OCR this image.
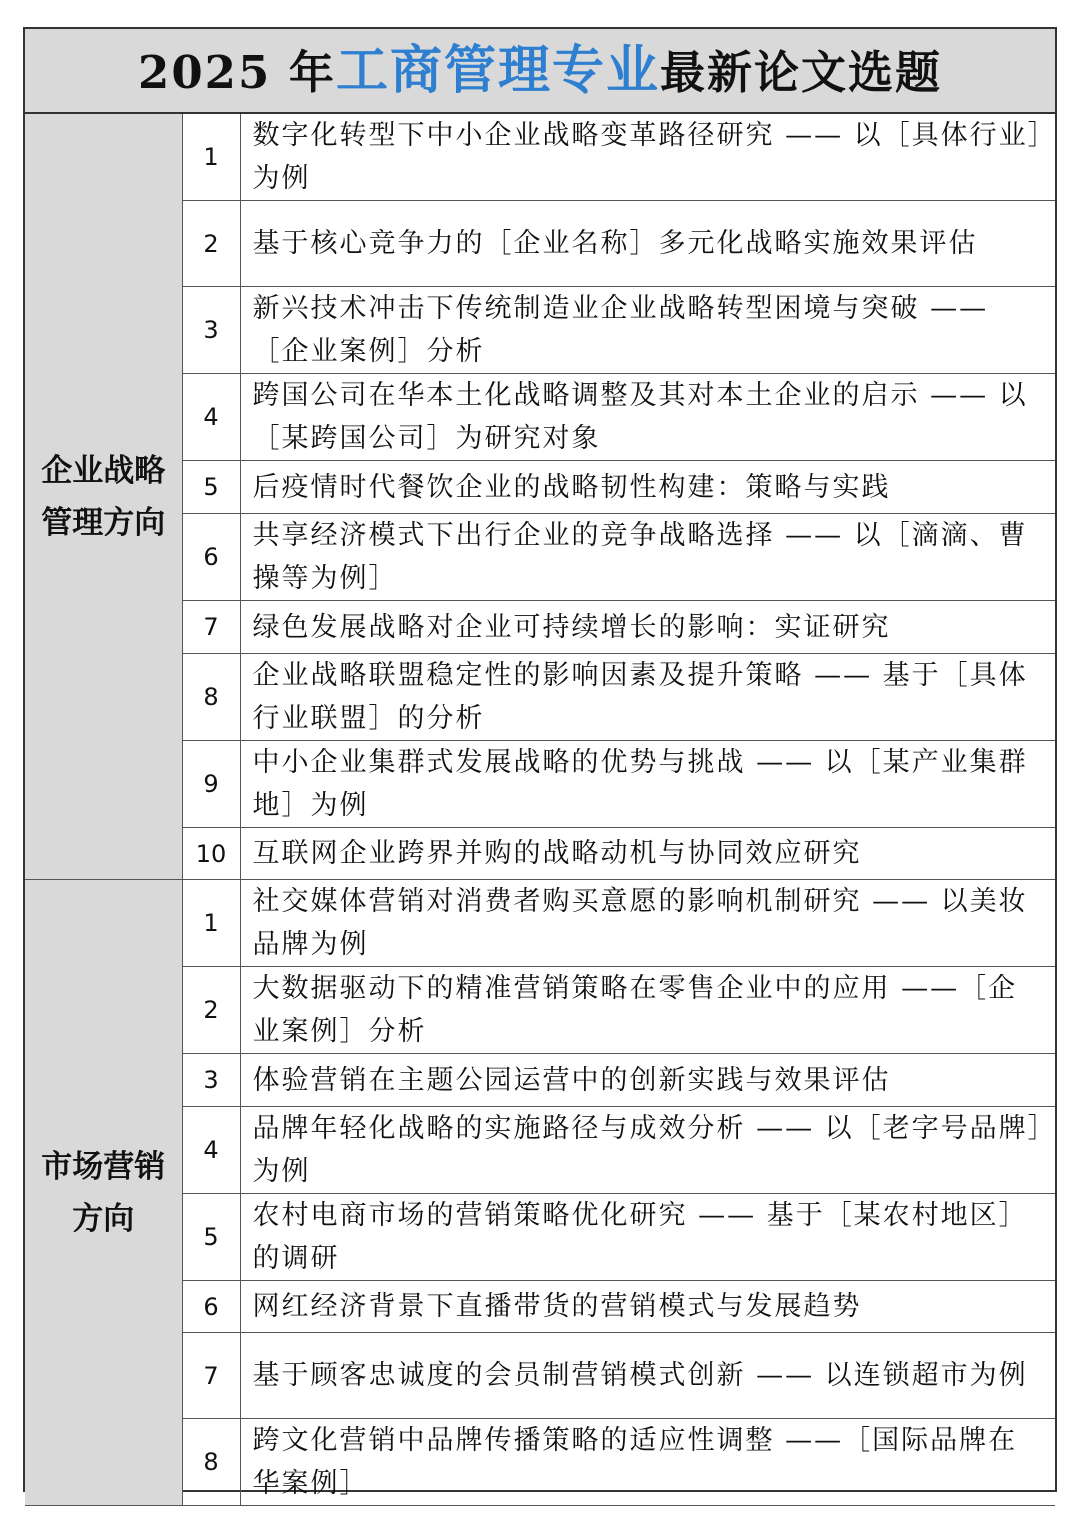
2025 年工商管理专业最新论文选题
企业战略管理方向	1	数字化转型下中小企业战略变革路径研究 —— 以［具体行业］为例
	2	基于核心竞争力的［企业名称］多元化战略实施效果评估
	3	新兴技术冲击下传统制造业企业战略转型困境与突破 ——［企业案例］分析
	4	跨国公司在华本土化战略调整及其对本土企业的启示 —— 以［某跨国公司］为研究对象
	5	后疫情时代餐饮企业的战略韧性构建：策略与实践
	6	共享经济模式下出行企业的竞争战略选择 —— 以［滴滴、曹操等为例］
	7	绿色发展战略对企业可持续增长的影响：实证研究
	8	企业战略联盟稳定性的影响因素及提升策略 —— 基于［具体行业联盟］的分析
	9	中小企业集群式发展战略的优势与挑战 —— 以［某产业集群地］为例
	10	互联网企业跨界并购的战略动机与协同效应研究
市场营销方向	1	社交媒体营销对消费者购买意愿的影响机制研究 —— 以美妆品牌为例
	2	大数据驱动下的精准营销策略在零售企业中的应用 ——［企业案例］分析
	3	体验营销在主题公园运营中的创新实践与效果评估
	4	品牌年轻化战略的实施路径与成效分析 —— 以［老字号品牌］为例
	5	农村电商市场的营销策略优化研究 —— 基于［某农村地区］的调研
	6	网红经济背景下直播带货的营销模式与发展趋势
	7	基于顾客忠诚度的会员制营销模式创新 —— 以连锁超市为例
	8	跨文化营销中品牌传播策略的适应性调整 ——［国际品牌在华案例］
